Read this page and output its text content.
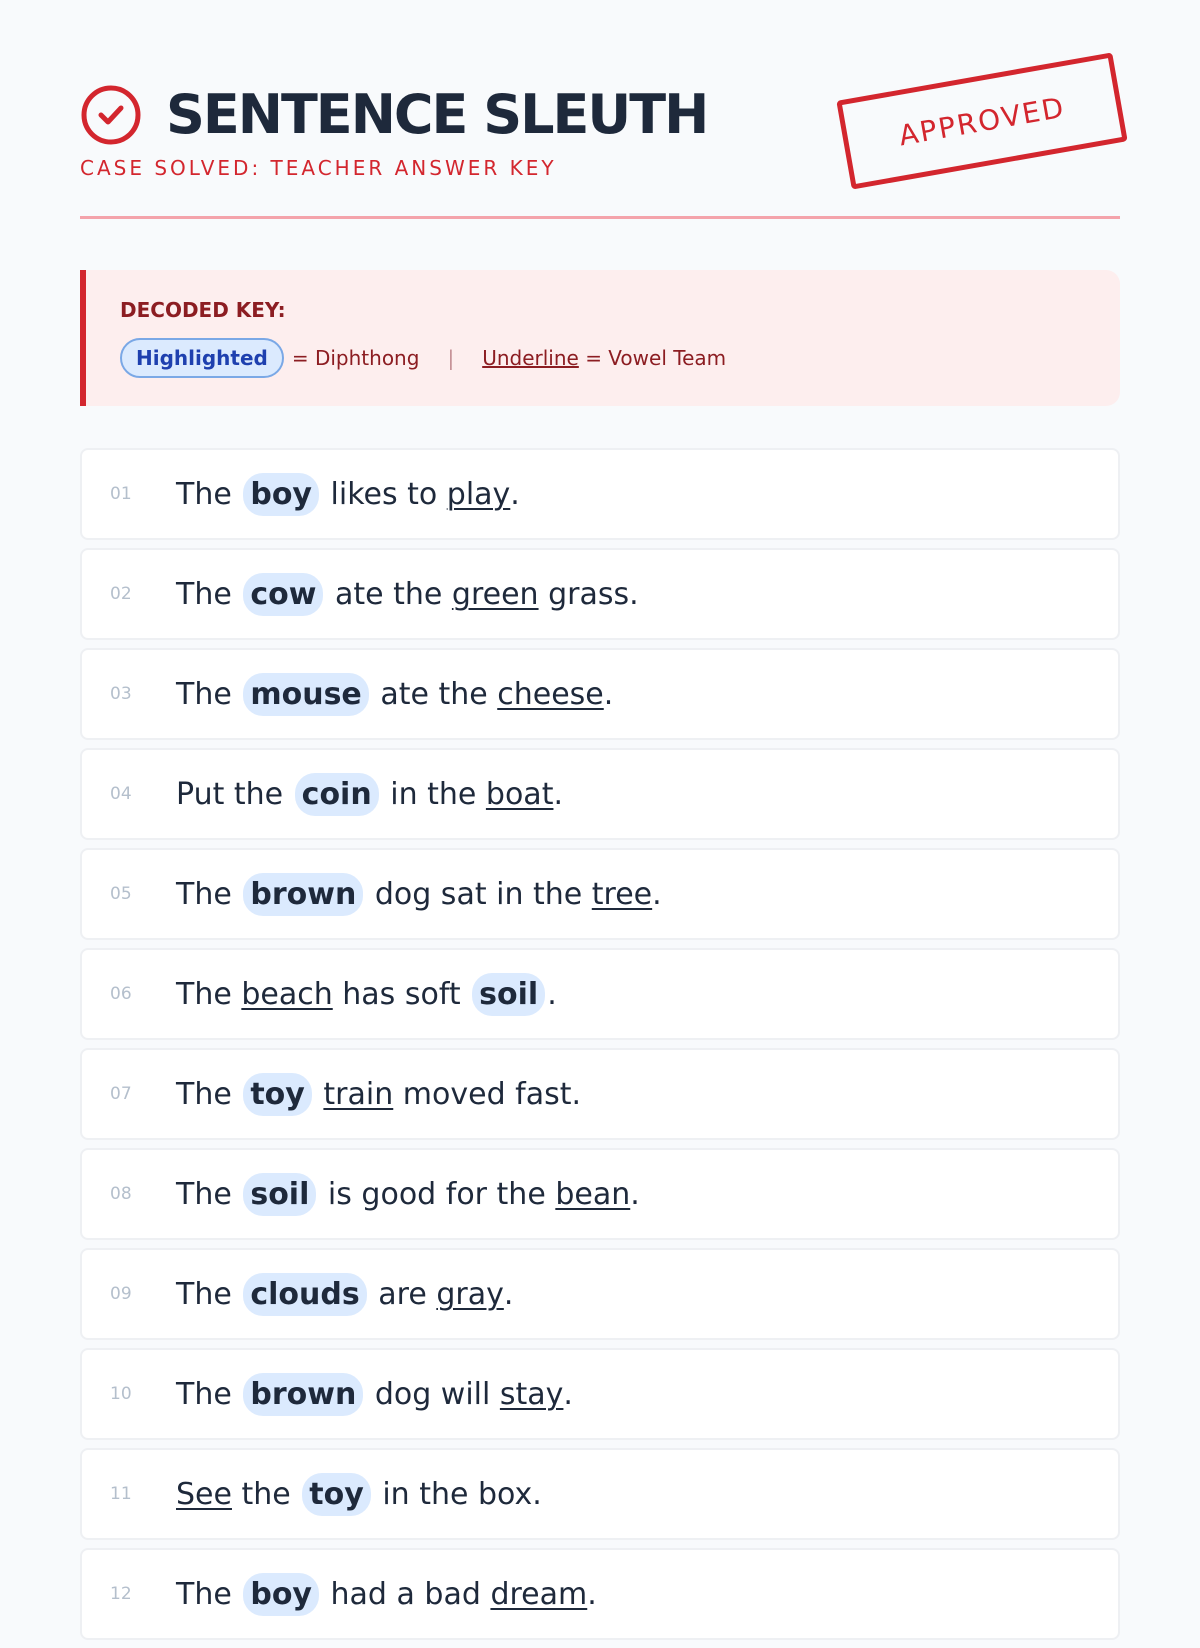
SENTENCE SLEUTH
CASE SOLVED: TEACHER ANSWER KEY
APPROVED
DECODED KEY:
Highlighted	= Diphthong | Underline
= Vowel Team
01 The boy likes to play .
02 The cow ate the green grass.
03 The mouse ate the cheese .
04 Put the coin in the boat .
05 The brown dog sat in the tree .
06 The beach has soft soil .
07 The toy
train moved fast.
08 The soil is good for the bean .
09 The clouds are gray .
10 The brown dog will stay .
11 See the toy in the box.
12 The boy had a bad dream .
